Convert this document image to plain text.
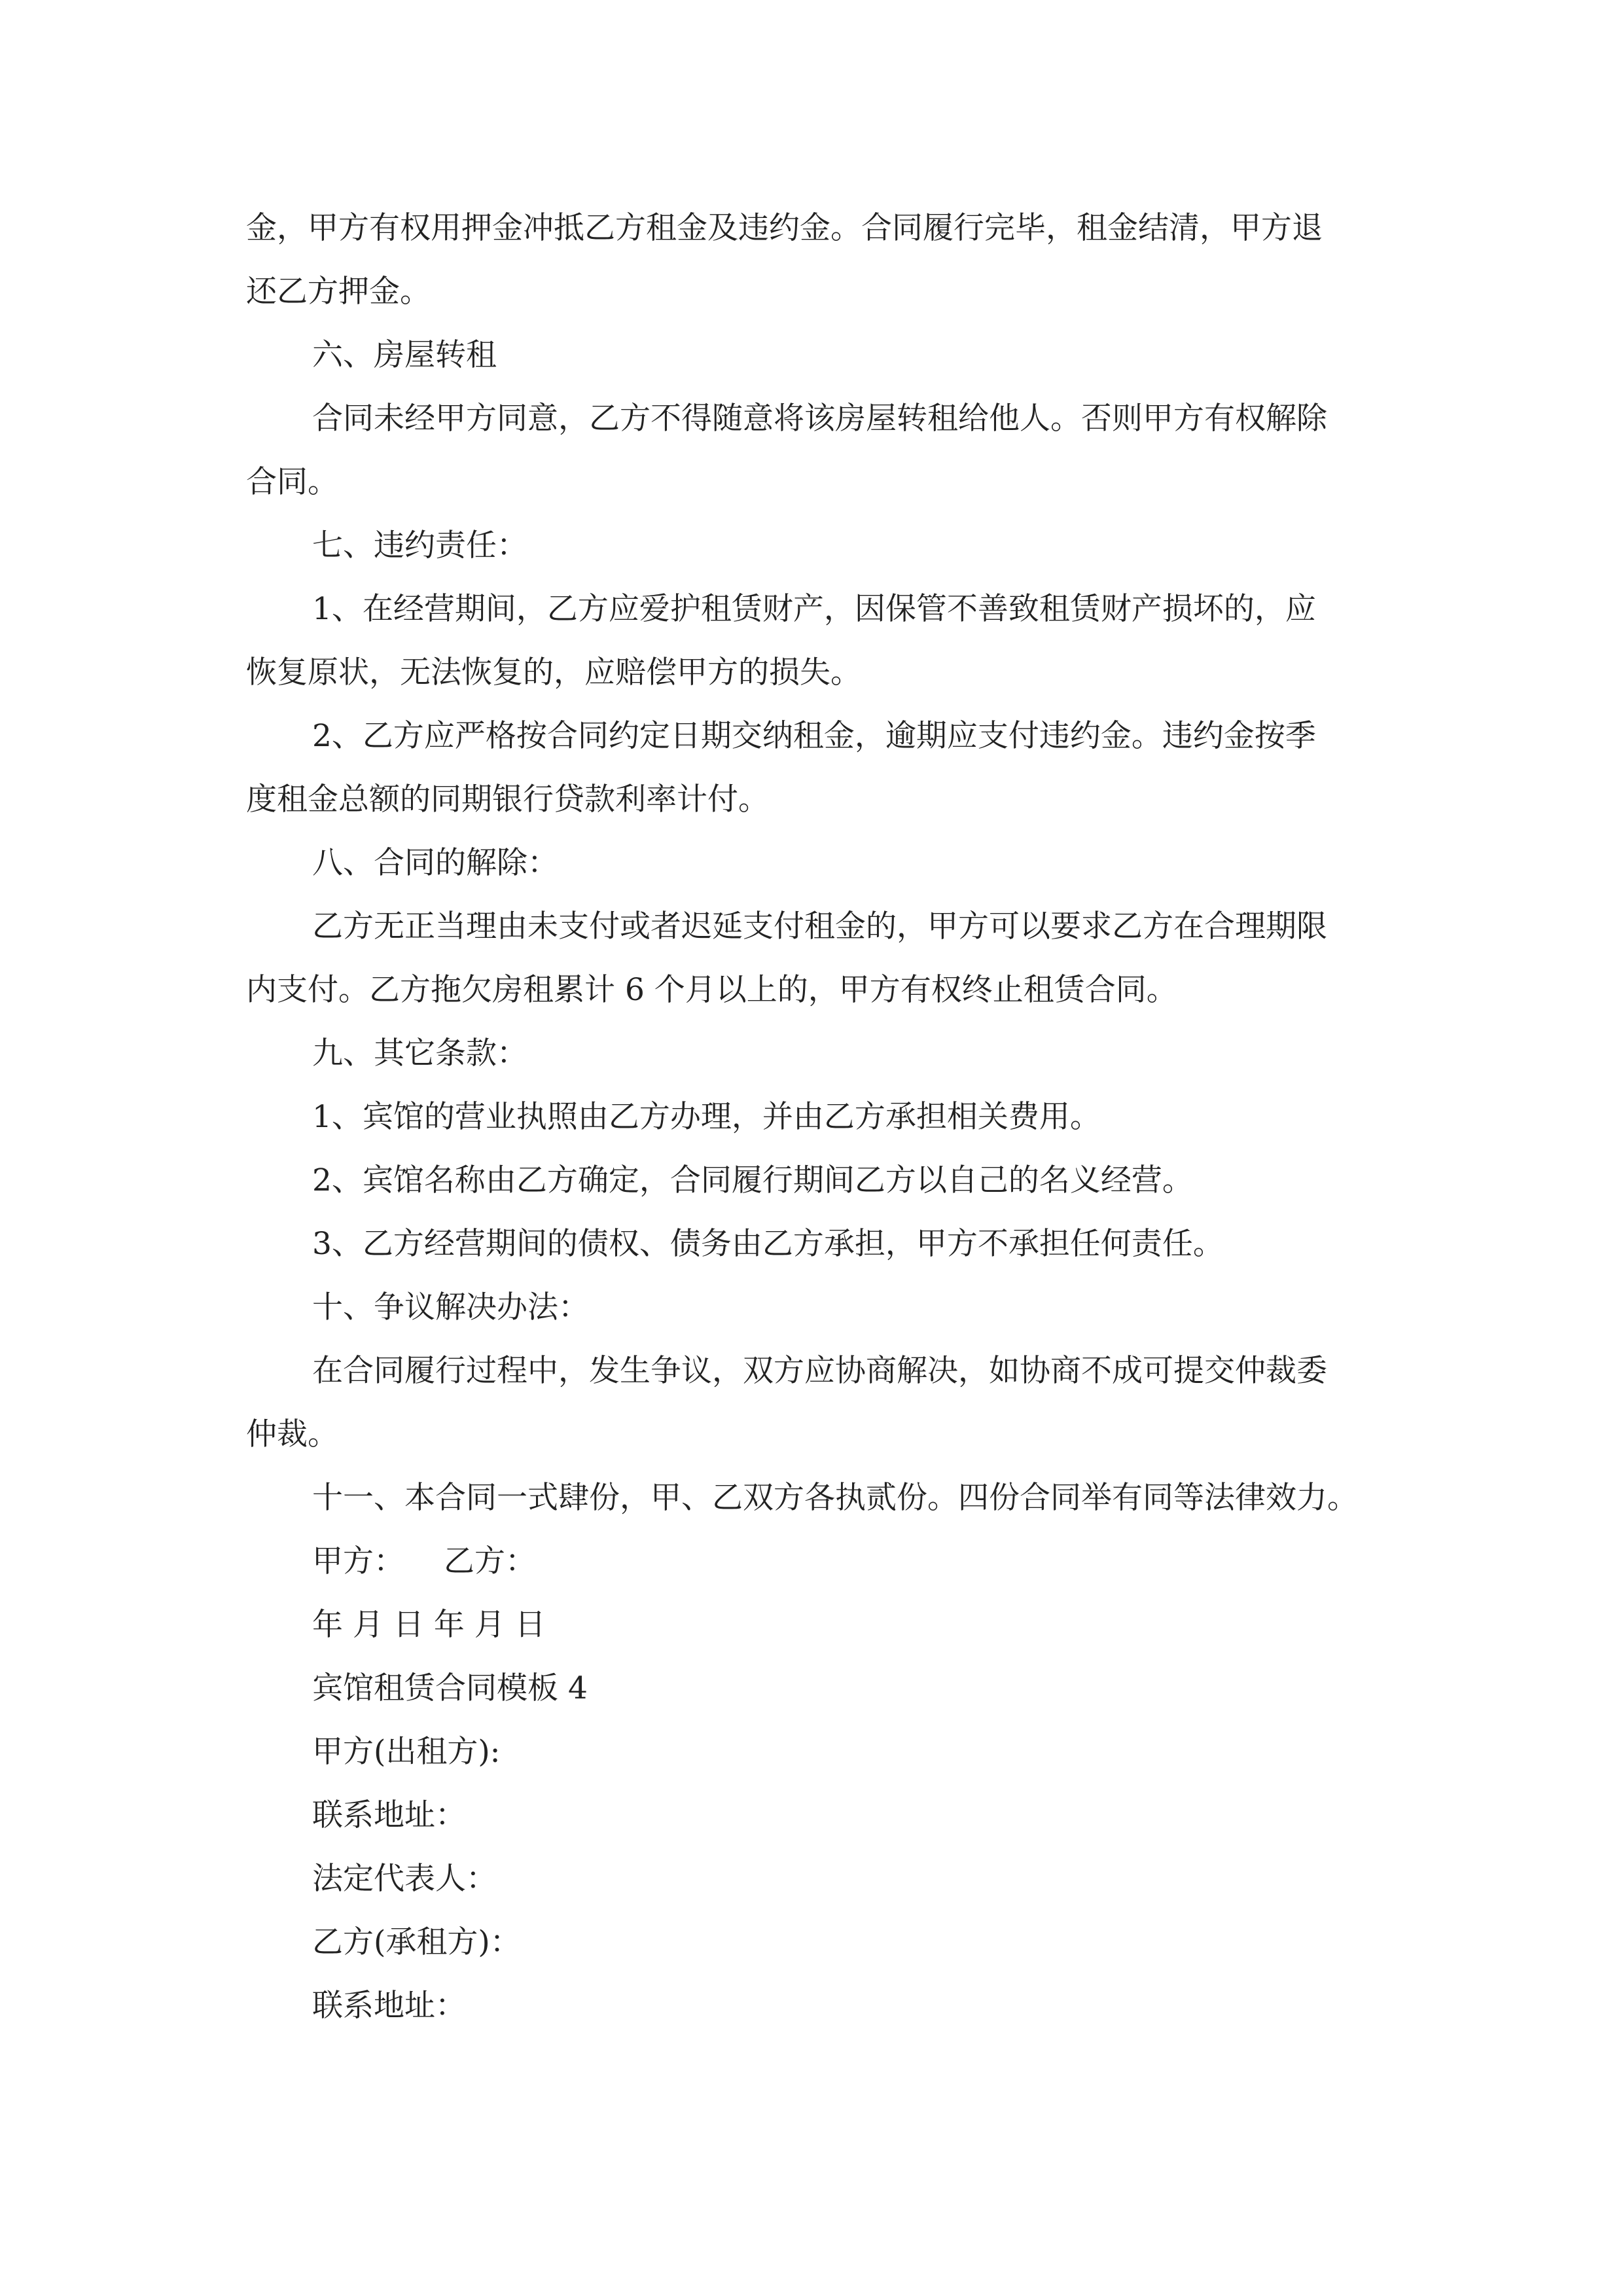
金，甲方有权用押金冲抵乙方租金及违约金。合同履行完毕，租金结清，甲方退
还乙方押金。

六、房屋转租

合同未经甲方同意，乙方不得随意将该房屋转租给他人。否则甲方有权解除
合同。

七、违约责任：

1、在经营期间，乙方应爱护租赁财产，因保管不善致租赁财产损坏的，应
恢复原状，无法恢复的，应赔偿甲方的损失。

2、乙方应严格按合同约定日期交纳租金，逾期应支付违约金。违约金按季
度租金总额的同期银行贷款利率计付。

八、合同的解除：

乙方无正当理由未支付或者迟延支付租金的，甲方可以要求乙方在合理期限
内支付。乙方拖欠房租累计 6 个月以上的，甲方有权终止租赁合同。

九、其它条款：

1、宾馆的营业执照由乙方办理，并由乙方承担相关费用。

2、宾馆名称由乙方确定，合同履行期间乙方以自己的名义经营。

3、乙方经营期间的债权、债务由乙方承担，甲方不承担任何责任。

十、争议解决办法：

在合同履行过程中，发生争议，双方应协商解决，如协商不成可提交仲裁委
仲裁。

十一、本合同一式肆份，甲、乙双方各执贰份。四份合同举有同等法律效力。

甲方： 乙方：

年 月 日 年 月 日

宾馆租赁合同模板 4

甲方(出租方):

联系地址：

法定代表人：

乙方(承租方)：

联系地址：
